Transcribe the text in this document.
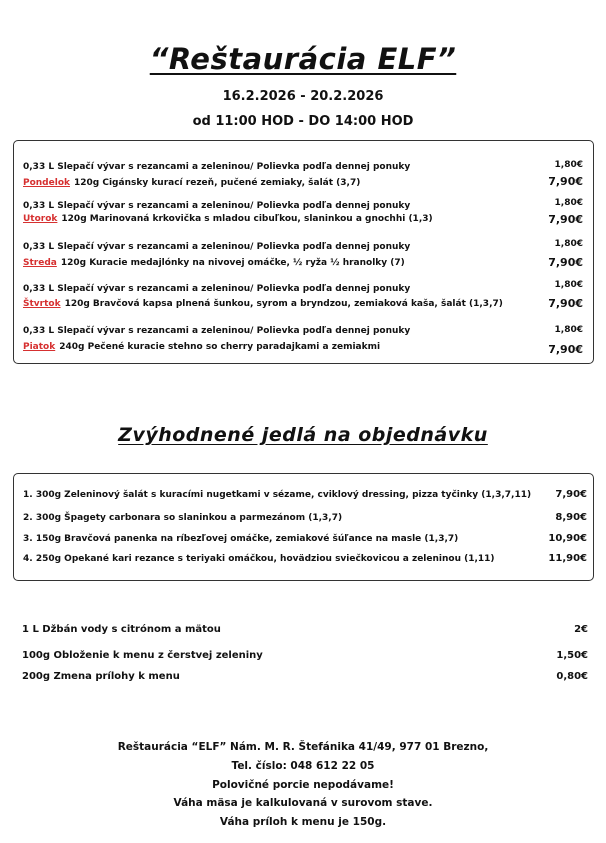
“Reštaurácia ELF”
16.2.2026 - 20.2.2026
od 11:00 HOD - DO 14:00 HOD
0,33 L Slepačí vývar s rezancami a zeleninou/ Polievka podľa dennej ponuky	1,80€
Pondelok 120g Cigánsky kurací rezeň, pučené zemiaky, šalát (3,7)	7,90€
0,33 L Slepačí vývar s rezancami a zeleninou/ Polievka podľa dennej ponuky	1,80€
Utorok 120g Marinovaná krkovička s mladou cibuľkou, slaninkou a gnochhi (1,3)	7,90€
0,33 L Slepačí vývar s rezancami a zeleninou/ Polievka podľa dennej ponuky	1,80€
Streda 120g Kuracie medajlónky na nivovej omáčke, ½ ryža ½ hranolky (7)	7,90€
0,33 L Slepačí vývar s rezancami a zeleninou/ Polievka podľa dennej ponuky	1,80€
Štvrtok 120g Bravčová kapsa plnená šunkou, syrom a bryndzou, zemiaková kaša, šalát (1,3,7)	7,90€
0,33 L Slepačí vývar s rezancami a zeleninou/ Polievka podľa dennej ponuky	1,80€
Piatok 240g Pečené kuracie stehno so cherry paradajkami a zemiakmi	7,90€
Zvýhodnené jedlá na objednávku
1. 300g Zeleninový šalát s kuracími nugetkami v sézame, cviklový dressing, pizza tyčinky (1,3,7,11) 7,90€
2. 300g Špagety carbonara so slaninkou a parmezánom (1,3,7)	8,90€
3. 150g Bravčová panenka na ríbezľovej omáčke, zemiakové šúľance na masle (1,3,7)	10,90€
4. 250g Opekané kari rezance s teriyaki omáčkou, hovädziou sviečkovicou a zeleninou (1,11)	11,90€
1 L Džbán vody s citrónom a mätou	2€
100g Obloženie k menu z čerstvej zeleniny	1,50€
200g Zmena prílohy k menu	0,80€
Reštaurácia “ELF” Nám. M. R. Štefánika 41/49, 977 01 Brezno,
Tel. číslo: 048 612 22 05
Polovičné porcie nepodávame!
Váha mäsa je kalkulovaná v surovom stave.
Váha príloh k menu je 150g.
